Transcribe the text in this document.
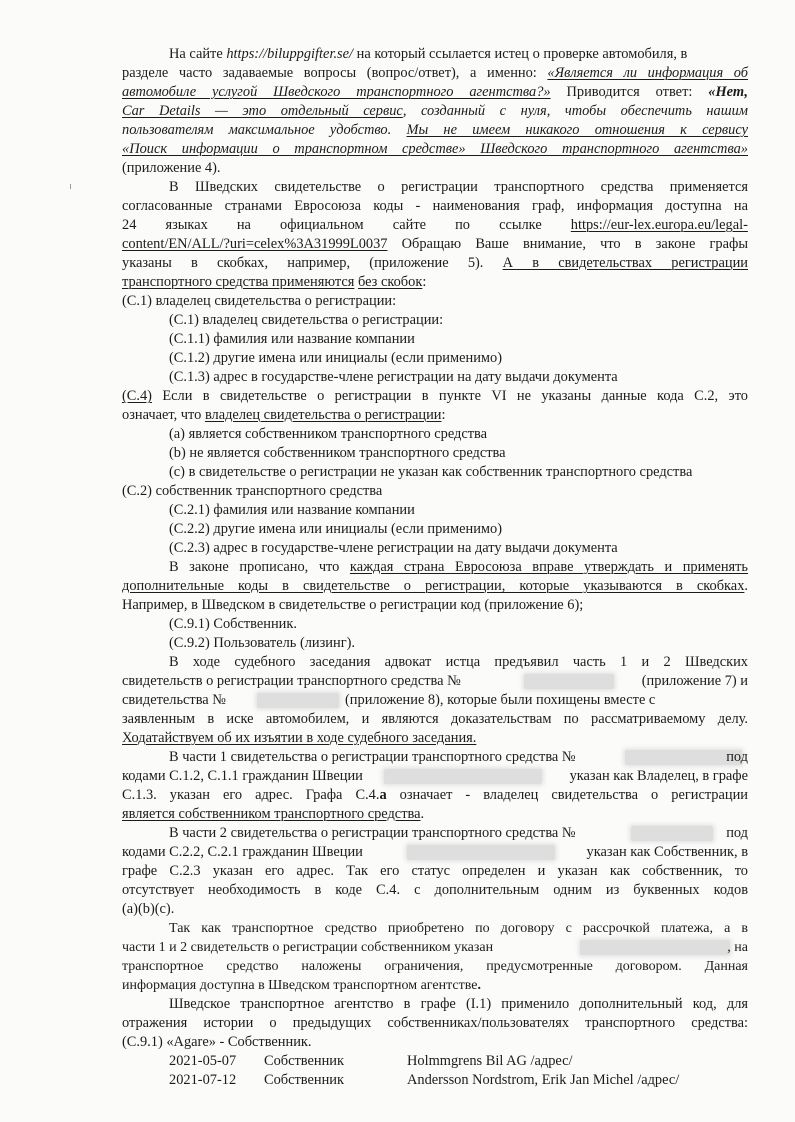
На сайте https://biluppgifter.se/ на который ссылается истец о проверке автомобиля, в
разделе часто задаваемые вопросы (вопрос/ответ), а именно: «Является ли информация об
автомобиле услугой Шведского транспортного агентства?» Приводится ответ: «Нет,
Car Details — это отдельный сервис, созданный с нуля, чтобы обеспечить нашим
пользователям максимальное удобство. Мы не имеем никакого отношения к сервису
«Поиск информации о транспортном средстве» Шведского транспортного агентства»
(приложение 4).
В Шведских свидетельстве о регистрации транспортного средства применяется
согласованные странами Евросоюза коды - наименования граф, информация доступна на
24 языках на официальном сайте по ссылке https://eur-lex.europa.eu/legal-
content/EN/ALL/?uri=celex%3A31999L0037 Обращаю Ваше внимание, что в законе графы
указаны в скобках, например, (приложение 5). А в свидетельствах регистрации
транспортного средства применяются без скобок:
(С.1) владелец свидетельства о регистрации:
(С.1) владелец свидетельства о регистрации:
(С.1.1) фамилия или название компании
(С.1.2) другие имена или инициалы (если применимо)
(С.1.3) адрес в государстве-члене регистрации на дату выдачи документа
(С.4) Если в свидетельстве о регистрации в пункте VI не указаны данные кода С.2, это
означает, что владелец свидетельства о регистрации:
(а) является собственником транспортного средства
(b) не является собственником транспортного средства
(с) в свидетельстве о регистрации не указан как собственник транспортного средства
(С.2) собственник транспортного средства
(С.2.1) фамилия или название компании
(С.2.2) другие имена или инициалы (если применимо)
(С.2.3) адрес в государстве-члене регистрации на дату выдачи документа
В законе прописано, что каждая страна Евросоюза вправе утверждать и применять
дополнительные коды в свидетельстве о регистрации, которые указываются в скобках.
Например, в Шведском в свидетельстве о регистрации код (приложение 6);
(С.9.1) Собственник.
(С.9.2) Пользователь (лизинг).
В ходе судебного заседания адвокат истца предъявил часть 1 и 2 Шведских
свидетельств о регистрации транспортного средства №	(приложение 7) и
свидетельства №	(приложение 8), которые были похищены вместе с
заявленным в иске автомобилем, и являются доказательствам по рассматриваемому делу.
Ходатайствуем об их изъятии в ходе судебного заседания.
В части 1 свидетельства о регистрации транспортного средства №	под
кодами С.1.2, С.1.1 гражданин Швеции	указан как Владелец, в графе
С.1.3. указан его адрес. Графа С.4.а означает - владелец свидетельства о регистрации
является собственником транспортного средства.
В части 2 свидетельства о регистрации транспортного средства №	под
кодами С.2.2, С.2.1 гражданин Швеции	указан как Собственник, в
графе С.2.3 указан его адрес. Так его статус определен и указан как собственник, то
отсутствует необходимость в коде С.4. с дополнительным одним из буквенных кодов
(а)(b)(с).
Так как транспортное средство приобретено по договору с рассрочкой платежа, а в
части 1 и 2 свидетельств о регистрации собственником указан	, на
транспортное средство наложены ограничения, предусмотренные договором. Данная
информация доступна в Шведском транспортном агентстве.
Шведское транспортное агентство в графе (I.1) применило дополнительный код, для
отражения истории о предыдущих собственниках/пользователях транспортного средства:
(С.9.1) «Agare» - Собственник.
2021-05-07 Собственник	Holmmgrens Bil AG /адрес/
2021-07-12 Собственник	Andersson Nordstrom, Erik Jan Michel /адрес/
